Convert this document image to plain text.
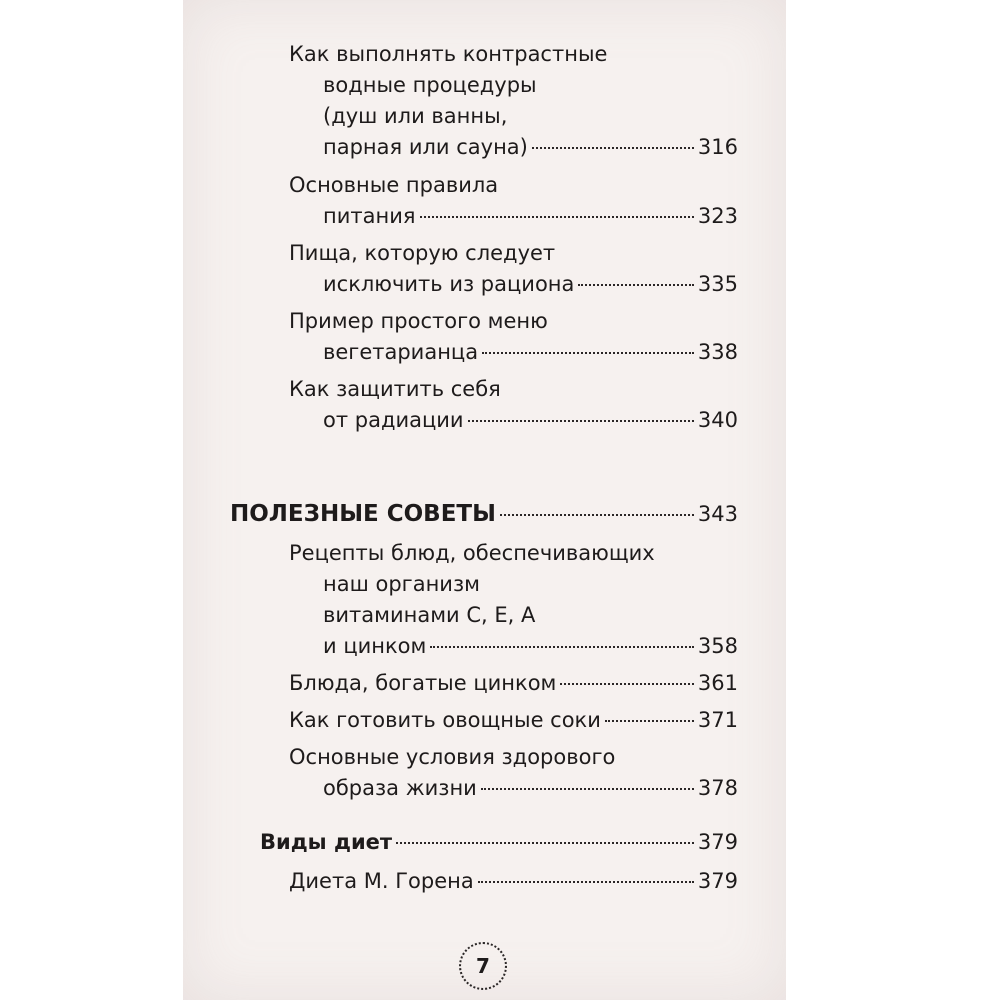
Как выполнять контрастные
водные процедуры
(душ или ванны,
парная или сауна)	316
Основные правила
питания	323
Пища, которую следует
исключить из рациона	335
Пример простого меню
вегетарианца	338
Как защитить себя
от радиации	340
ПОЛЕЗНЫЕ СОВЕТЫ	343
Рецепты блюд, обеспечивающих
наш организм
витаминами С, Е, А
и цинком	358
Блюда, богатые цинком	361
Как готовить овощные соки	371
Основные условия здорового
образа жизни	378
Виды диет	379
Диета М. Горена	379
7
